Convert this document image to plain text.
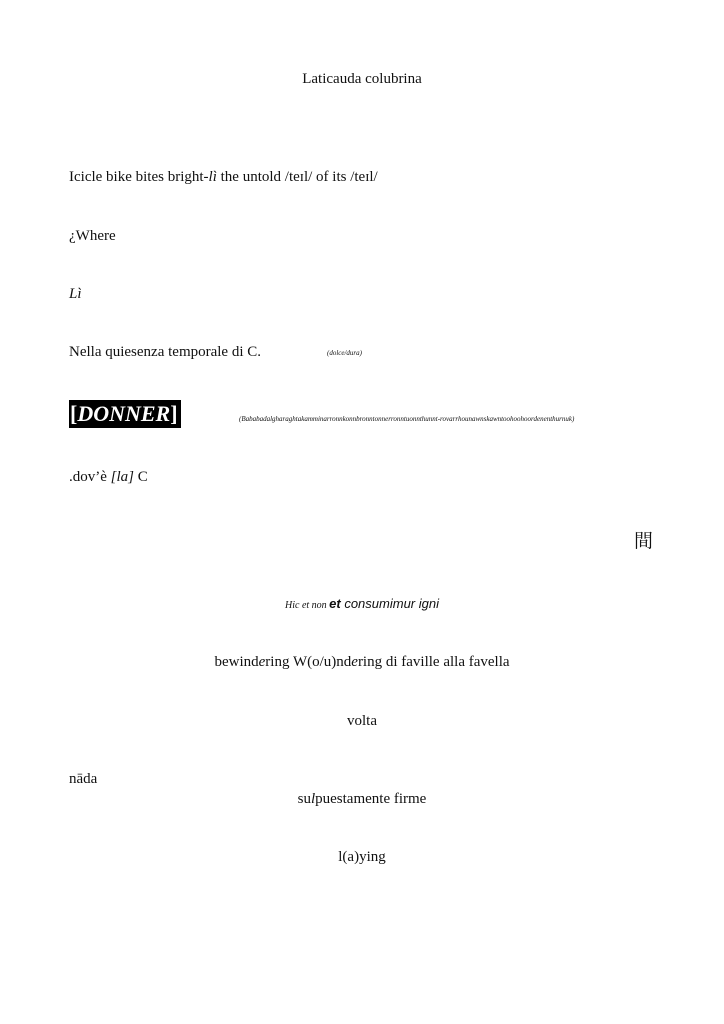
Laticauda colubrina
Icicle bike bites bright-lì the untold /teɪl/ of its /teɪl/
¿Where
Lì
Nella quiesenza temporale di C.	(dolce/dura)
[DONNER]	(Bababadalgharaghtakamminarronnkonnbronntonnerronntuonnthunnt-rovarrhounawnskawntoohoohoordenenthurnuk)
.dov’è [la] C
間
Hic et non et consumimur igni
bewindering W(o/u)ndering di faville alla favella
volta
nāda
sulpuestamente firme
l(a)ying
